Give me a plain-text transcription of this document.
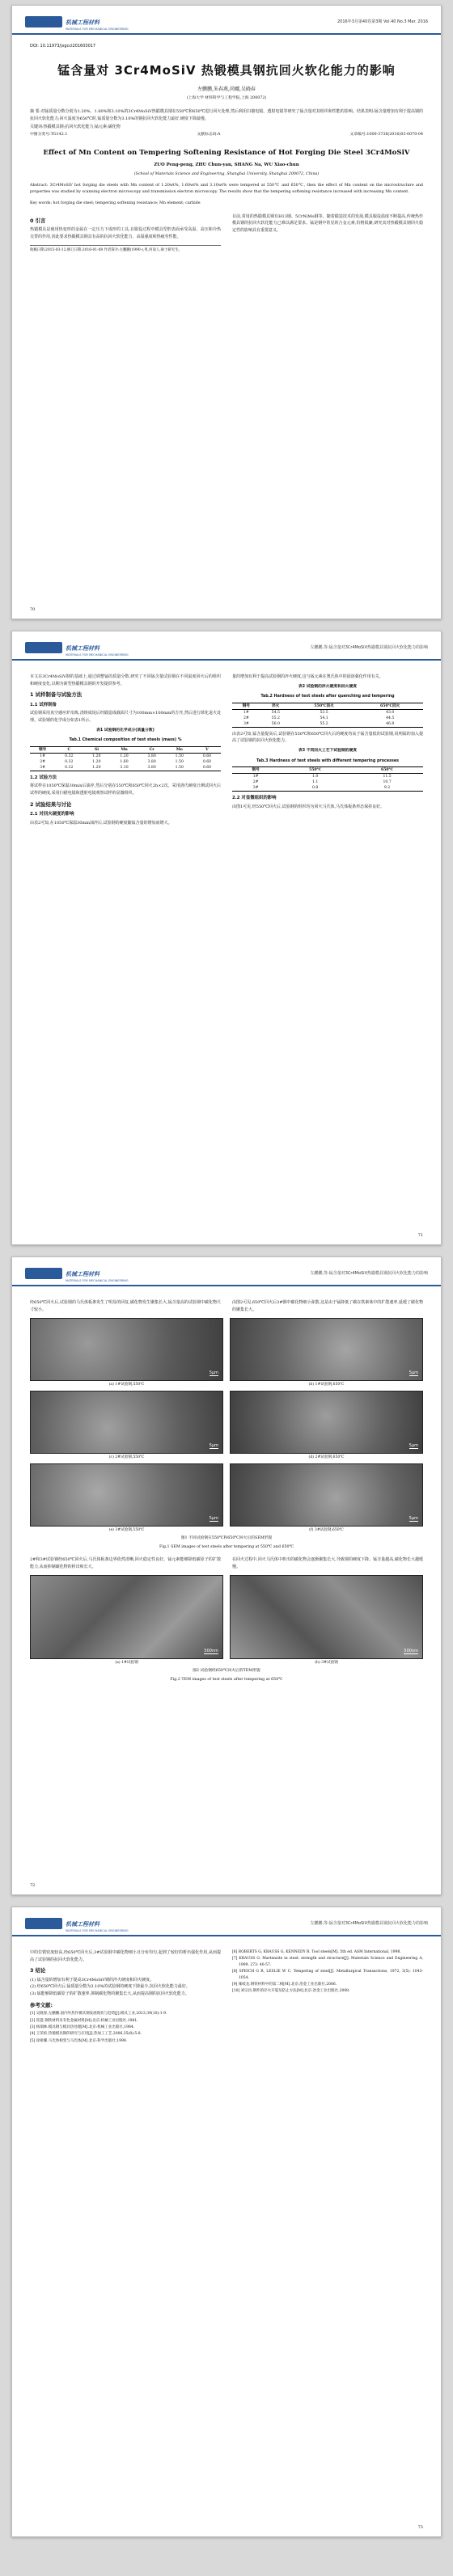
机械工程材料
MATERIALS FOR MECHANICAL ENGINEERING
2016年3月第40卷第3期 Vol.40 No.3 Mar. 2016
DOI: 10.11973/jxgccl201603017
锰含量对 3Cr4MoSiV 热锻模具钢抗回火软化能力的影响
左鹏鹏,朱春燕,尚娜,吴晓春
(上海大学 材料科学与工程学院,上海 200072)
摘 要:对锰质量分数分别为1.20%、1.60%和3.10%的3Cr4MoSiV热锻模具钢在550℃和650℃进行回火处理,然后利用扫描电镜、透射电镜等研究了锰含量对其组织和性能的影响。结果表明:锰含量增加有利于提高钢的抗回火软化能力;回火温度为650℃时,锰质量分数为3.10%的钢抗回火软化能力最好,硬度下降最慢。
关键词:热锻模具钢;抗回火软化能力;锰元素;碳化物
中图分类号:TG142.1	文献标志码:A	文章编号:1000-3738(2016)03-0070-04
Effect of Mn Content on Tempering Softening Resistance of Hot Forging Die Steel 3Cr4MoSiV
ZUO Peng-peng, ZHU Chun-yan, SHANG Na, WU Xiao-chun
(School of Materials Science and Engineering, Shanghai University, Shanghai 200072, China)
Abstract: 3Cr4MoSiV hot forging die steels with Mn content of 1.20wt%, 1.60wt% and 3.10wt% were tempered at 550℃ and 650℃, then the effect of Mn content on the microstructure and properties was studied by scanning electron microscopy and transmission electron microscopy. The results show that the tempering softening resistance increased with increasing Mn content.
Key words: hot forging die steel; tempering softening resistance; Mn element; carbide
0 引言

热锻模具是使用热变形的金属在一定压力下成形的工具,在服役过程中模具型腔表面承受高温、高压和冷热交替的作用,因此要求热锻模具钢具有高的抗回火软化能力、高温强度和热疲劳性能。

收稿日期:2015-03-12;修订日期:2016-01-08 作者简介:左鹏鹏(1990-),男,河南人,硕士研究生。

目前,常用的热锻模具钢有H13钢、5CrNiMo钢等。随着锻造技术的发展,模具服役温度不断提高,传统热作模具钢的抗回火软化能力已难以满足要求。锰是钢中常见的合金元素,价格低廉,研究其对热锻模具钢回火稳定性的影响具有重要意义。

70
机械工程材料
MATERIALS FOR MECHANICAL ENGINEERING
左鹏鹏,等:锰含量对3Cr4MoSiV热锻模具钢抗回火软化能力的影响

本文在3Cr4MoSiV钢的基础上,通过调整锰的质量分数,研究了不同锰含量试验钢在不同温度回火后的组织和硬度变化,以期为新型热锻模具钢的开发提供参考。

1 试样制备与试验方法
1.1 试样制备

试验钢采用真空感应炉冶炼,浇铸成锭后经锻造成截面尺寸为100mm×100mm的方坯,然后进行球化退火处理。试验钢的化学成分如表1所示。

表1 试验钢的化学成分(质量分数)
Tab.1 Chemical composition of test steels (mass) %
钢号	C	Si	Mn	Cr	Mo	V
1#	0.32	1.20	1.20	3.80	1.50	0.60
2#	0.32	1.20	1.60	3.80	1.50	0.60
3#	0.32	1.20	3.10	3.80	1.50	0.60
1.2 试验方法

将试样在1050℃保温30min后油淬,然后分别在550℃和650℃回火2h×2次。采用洛氏硬度计测试回火后试样的硬度,采用扫描电镜和透射电镜观察试样的显微组织。

2 试验结果与讨论
2.1 对回火硬度的影响

由表2可知,在1050℃保温30min油淬后,试验钢的硬度随锰含量的增加而增大。

量的增加有利于提高试验钢的淬火硬度,这与锰元素在奥氏体中的固溶强化作用有关。

表2 试验钢的淬火硬度和回火硬度
Tab.2 Hardness of test steels after quenching and tempering
钢号	淬火	550℃回火	650℃回火
1#	54.5	53.5	43.0
2#	55.2	54.1	44.5
3#	56.0	55.2	46.8

由表2可知,锰含量提高后,试验钢在550℃和650℃回火后的硬度均高于锰含量低的试验钢,说明锰的加入提高了试验钢的抗回火软化能力。

表3 不同回火工艺下试验钢的硬度
Tab.3 Hardness of test steels with different tempering processes
钢号	550℃	650℃
1#	1.0	11.5
2#	1.1	10.7
3#	0.8	9.2
2.2 对显微组织的影响

由图1可见,经550℃回火后,试验钢的组织均为回火马氏体,马氏体板条形态保持良好。

71
机械工程材料
MATERIALS FOR MECHANICAL ENGINEERING
左鹏鹏,等:锰含量对3Cr4MoSiV热锻模具钢抗回火软化能力的影响

经650℃回火后,试验钢的马氏体板条发生了明显的回复,碳化物发生聚集长大,锰含量高的试验钢中碳化物尺寸较小。

由图2可见,650℃回火后3#钢中碳化物细小弥散,这是由于锰降低了碳在铁素体中的扩散速率,延缓了碳化物的聚集长大。

5μm
(a) 1#试验钢,550℃
5μm
(b) 1#试验钢,650℃
5μm
(c) 2#试验钢,550℃
5μm
(d) 2#试验钢,650℃
5μm
(e) 3#试验钢,550℃
5μm
(f) 3#试验钢,650℃
图1 不同试验钢在550℃和650℃回火后的SEM形貌
Fig.1 SEM images of test steels after tempering at 550℃ and 650℃

2#和3#试验钢经650℃回火后,马氏体板条边界依然清晰,回火稳定性良好。锰元素能够降低碳原子的扩散能力,从而抑制碳化物的析出和长大。

在回火过程中,回火马氏体中析出的碳化物会逐渐聚集长大,导致钢的硬度下降。锰含量越高,碳化物长大越缓慢。

500nm
(a) 1#试验钢
500nm
(b) 3#试验钢
图2 试验钢经650℃回火后的TEM形貌
Fig.2 TEM images of test steels after tempering at 650℃
72
机械工程材料
MATERIALS FOR MECHANICAL ENGINEERING
左鹏鹏,等:锰含量对3Cr4MoSiV热锻模具钢抗回火软化能力的影响

中的位错密度较高,经650℃回火后,3#试验钢中碳化物细小且分布均匀,起到了较好的析出强化作用,从而提高了试验钢的抗回火软化能力。

3 结论

(1) 锰含量的增加有利于提高3Cr4MoSiV钢的淬火硬度和回火硬度。

(2) 经650℃回火后,锰质量分数为3.10%的试验钢的硬度下降最少,抗回火软化能力最好。

(3) 锰能够降低碳原子的扩散速率,抑制碳化物的聚集长大,从而提高钢的抗回火软化能力。

参考文献:
[1] 吴晓春,左鹏鹏.国内外热作模具钢发展现状与趋势[J].模具工业,2013,39(10):1-9.
[2] 崔崑.钢铁材料及有色金属材料[M].北京:机械工业出版社,1981.
[3] 杨瑞林.模具钢与模具热处理[M].北京:机械工业出版社,1984.
[4] 王荣滨.热锻模具钢的研究与应用[J].热加工工艺,2006,35(8):5-8.
[5] 徐祖耀.马氏体相变与马氏体[M].北京:科学出版社,1999.
[6] ROBERTS G, KRAUSS G, KENNEDY R. Tool steels[M]. 5th ed. ASM International, 1998.
[7] KRAUSS G. Martensite in steel: strength and structure[J]. Materials Science and Engineering A, 1999, 273: 40-57.
[8] SPEICH G R, LESLIE W C. Tempering of steel[J]. Metallurgical Transactions, 1972, 3(5): 1043-1054.
[9] 雍岐龙.钢铁材料中的第二相[M].北京:冶金工业出版社,2006.
[10] 刘宗昌.钢件的淬火开裂及防止方法[M].北京:冶金工业出版社,2008.
73
